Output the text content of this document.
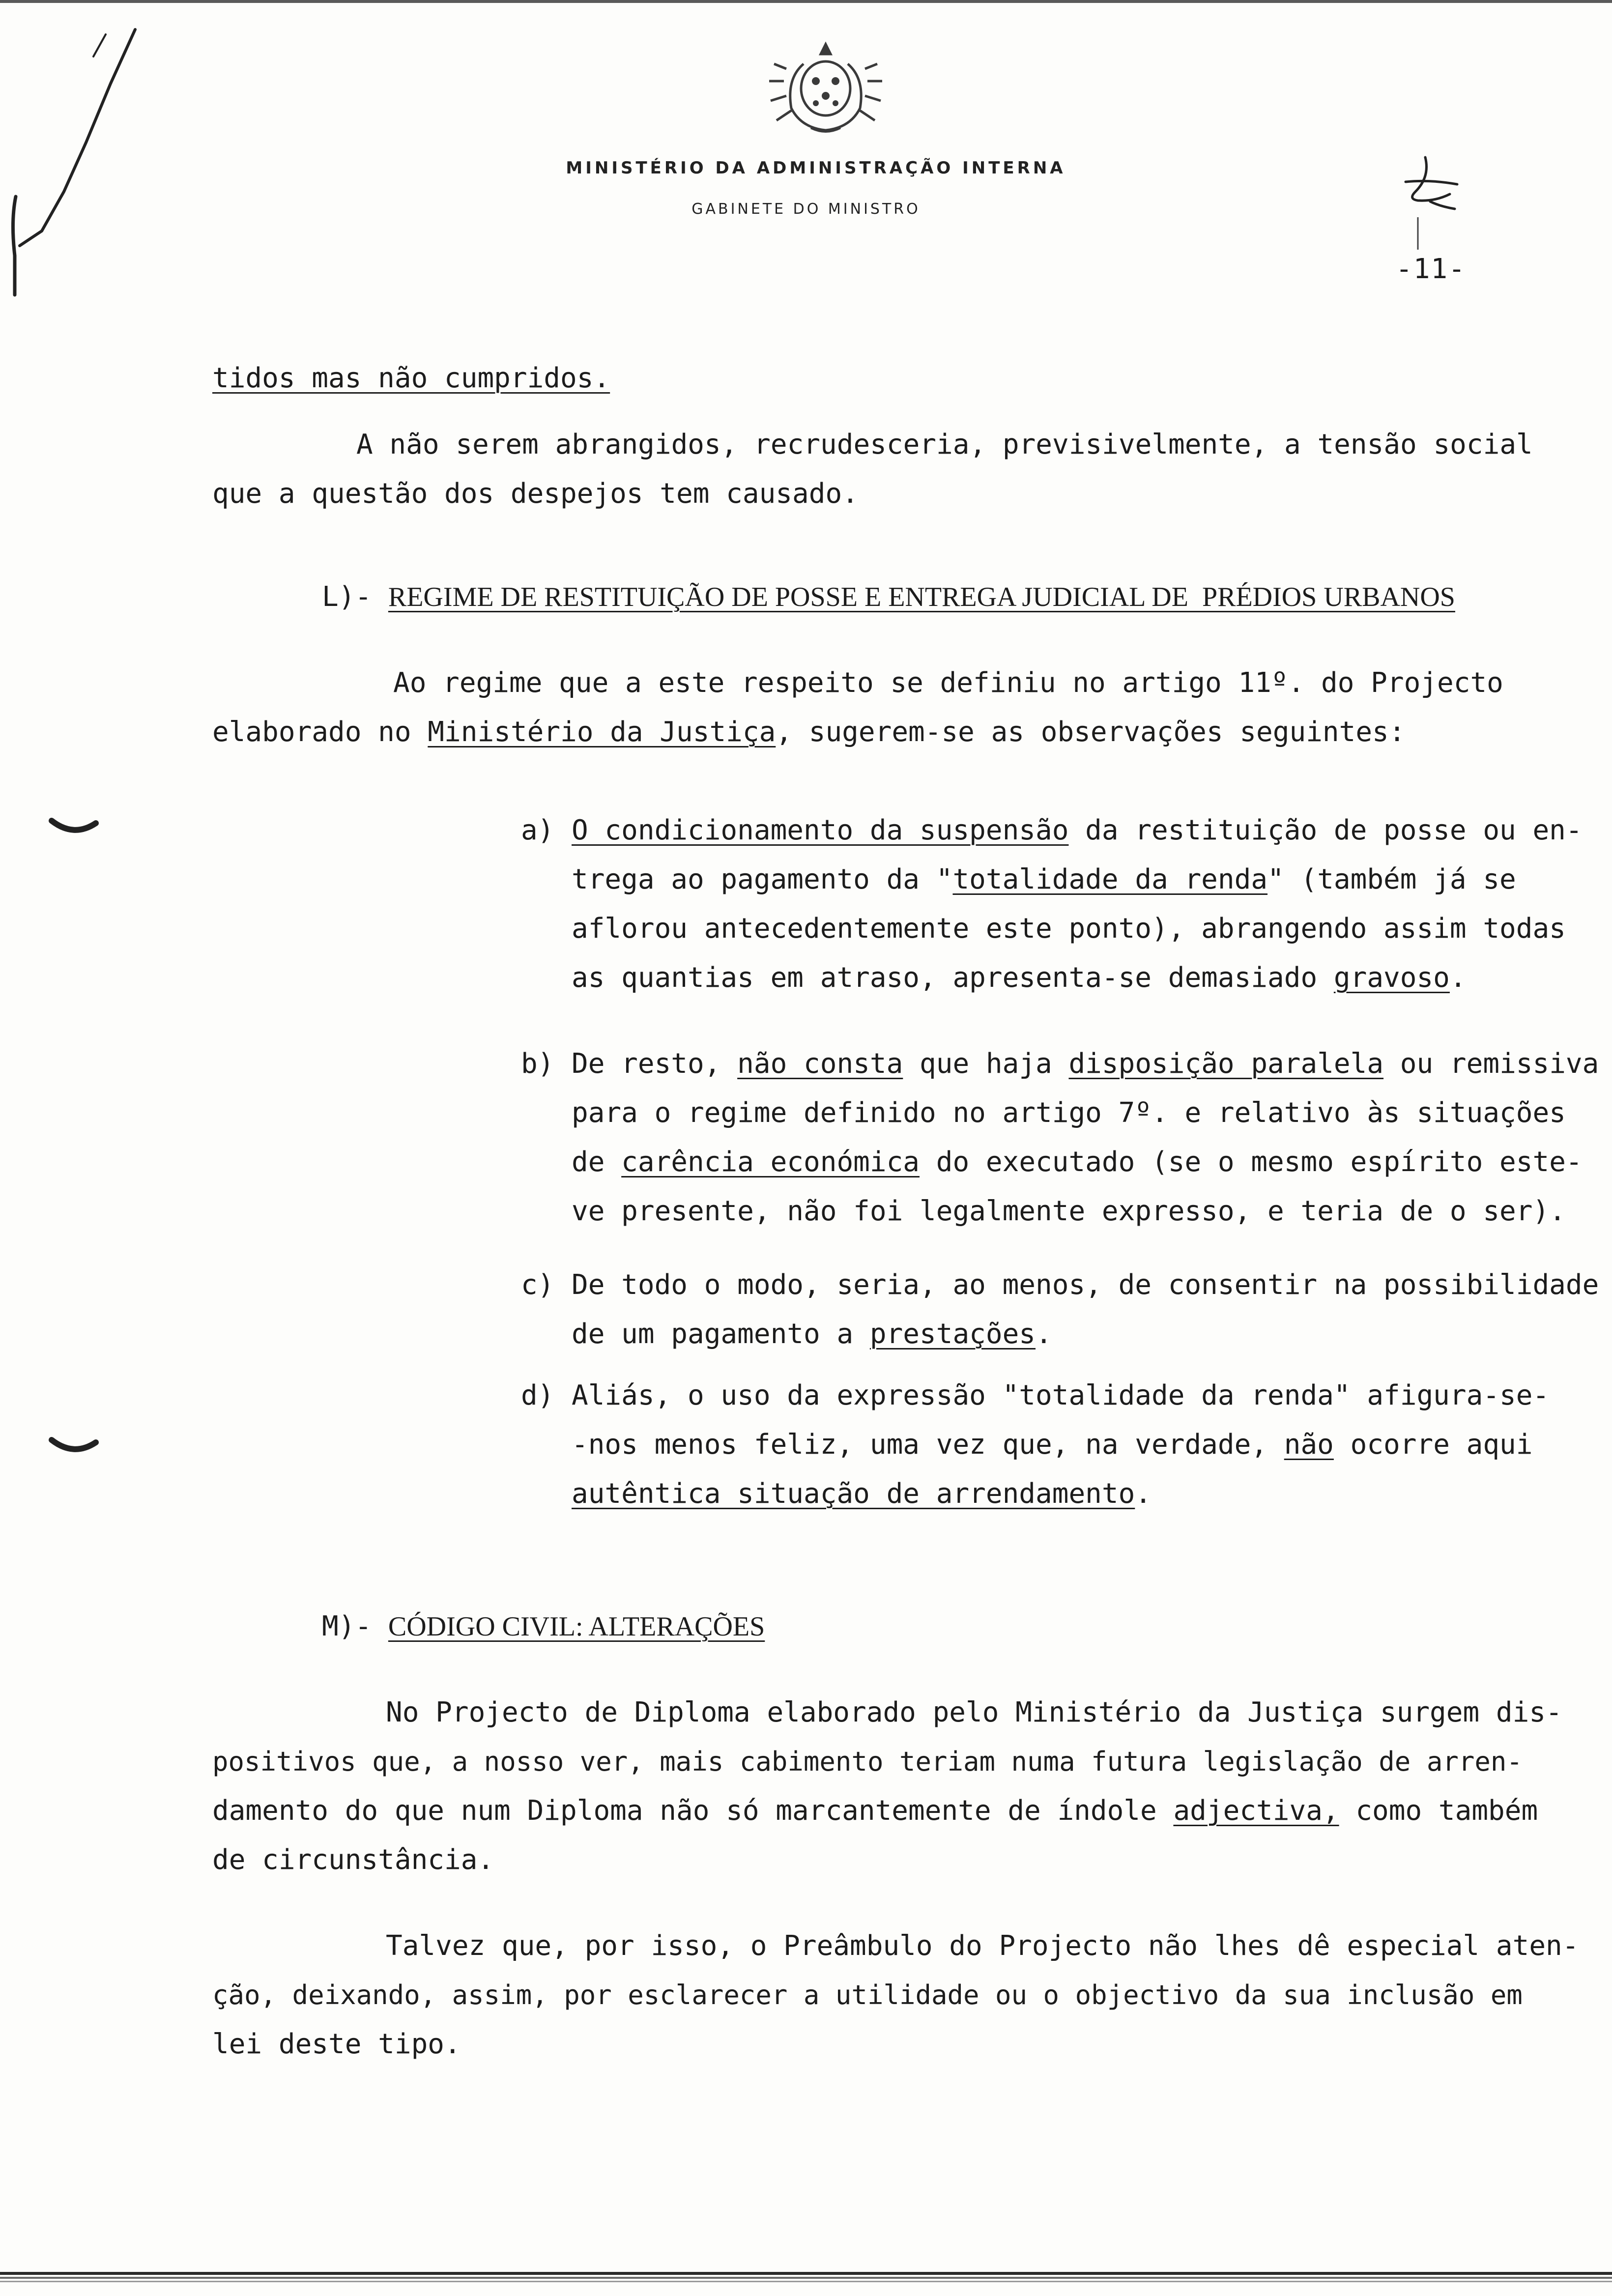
MINISTÉRIO DA ADMINISTRAÇÃO INTERNA
GABINETE DO MINISTRO
-11-
tidos mas não cumpridos.
A não serem abrangidos, recrudesceria, previsivelmente, a tensão social
que a questão dos despejos tem causado.
L)- REGIME DE RESTITUIÇÃO DE POSSE E ENTREGA JUDICIAL DE  PRÉDIOS URBANOS
Ao regime que a este respeito se definiu no artigo 11º. do Projecto
elaborado no Ministério da Justiça, sugerem-se as observações seguintes:
a) O condicionamento da suspensão da restituição de posse ou en-
trega ao pagamento da "totalidade da renda" (também já se
aflorou antecedentemente este ponto), abrangendo assim todas
as quantias em atraso, apresenta-se demasiado gravoso.
b) De resto, não consta que haja disposição paralela ou remissiva
para o regime definido no artigo 7º. e relativo às situações
de carência económica do executado (se o mesmo espírito este-
ve presente, não foi legalmente expresso, e teria de o ser).
c) De todo o modo, seria, ao menos, de consentir na possibilidade
de um pagamento a prestações.
d) Aliás, o uso da expressão "totalidade da renda" afigura-se-
-nos menos feliz, uma vez que, na verdade, não ocorre aqui
autêntica situação de arrendamento.
M)- CÓDIGO CIVIL: ALTERAÇÕES
No Projecto de Diploma elaborado pelo Ministério da Justiça surgem dis-
positivos que, a nosso ver, mais cabimento teriam numa futura legislação de arren-
damento do que num Diploma não só marcantemente de índole adjectiva, como também
de circunstância.
Talvez que, por isso, o Preâmbulo do Projecto não lhes dê especial aten-
ção, deixando, assim, por esclarecer a utilidade ou o objectivo da sua inclusão em
lei deste tipo.
